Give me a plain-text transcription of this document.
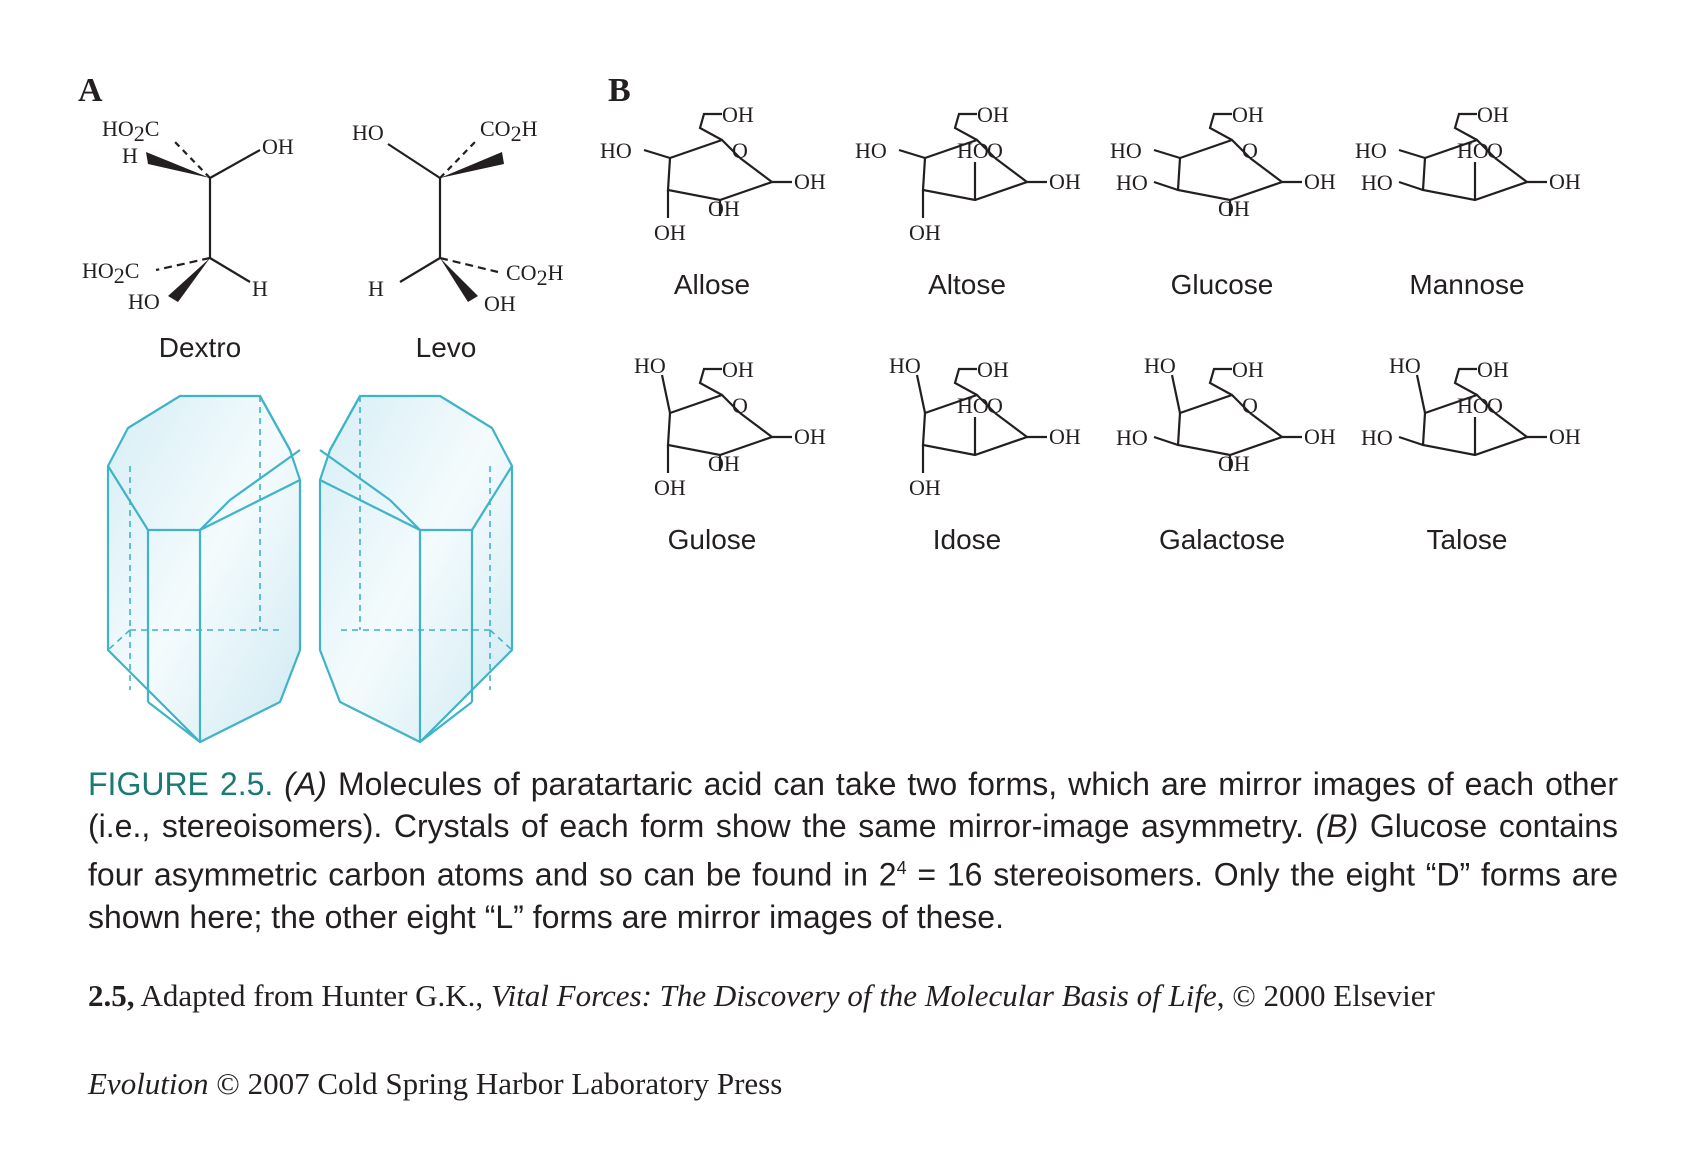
A	B
HO2C
H	OH
HO2C
HO
H
HO	CO2H
H
CO2H
OH
Dextro	Levo
O
OH
OH
HO
OH
OH
Allose
O
OH
OH
HO
OH
HO
Altose
O
OH
OH
HO
HO
OH
Glucose
O
OH
OH
HO
HO
HO
Mannose
O
OH
OH
HO
OH
OH
Gulose
O
OH
OH
HO
OH
HO
Idose
O
OH
OH
HO
HO
OH
Galactose
O
OH
OH
HO
HO
HO
Talose
FIGURE 2.5. (A) Molecules of paratartaric acid can take two forms, which are mirror images of each other (i.e., stereoisomers). Crystals of each form show the same mirror-image asymmetry. (B) Glucose contains four asymmetric carbon atoms and so can be found in $2^4 = 16$ stereoisomers. Only the eight “D” forms are shown here; the other eight “L” forms are mirror images of these.
2.5, Adapted from Hunter G.K., Vital Forces: The Discovery of the Molecular Basis of Life, © 2000 Elsevier
Evolution © 2007 Cold Spring Harbor Laboratory Press
